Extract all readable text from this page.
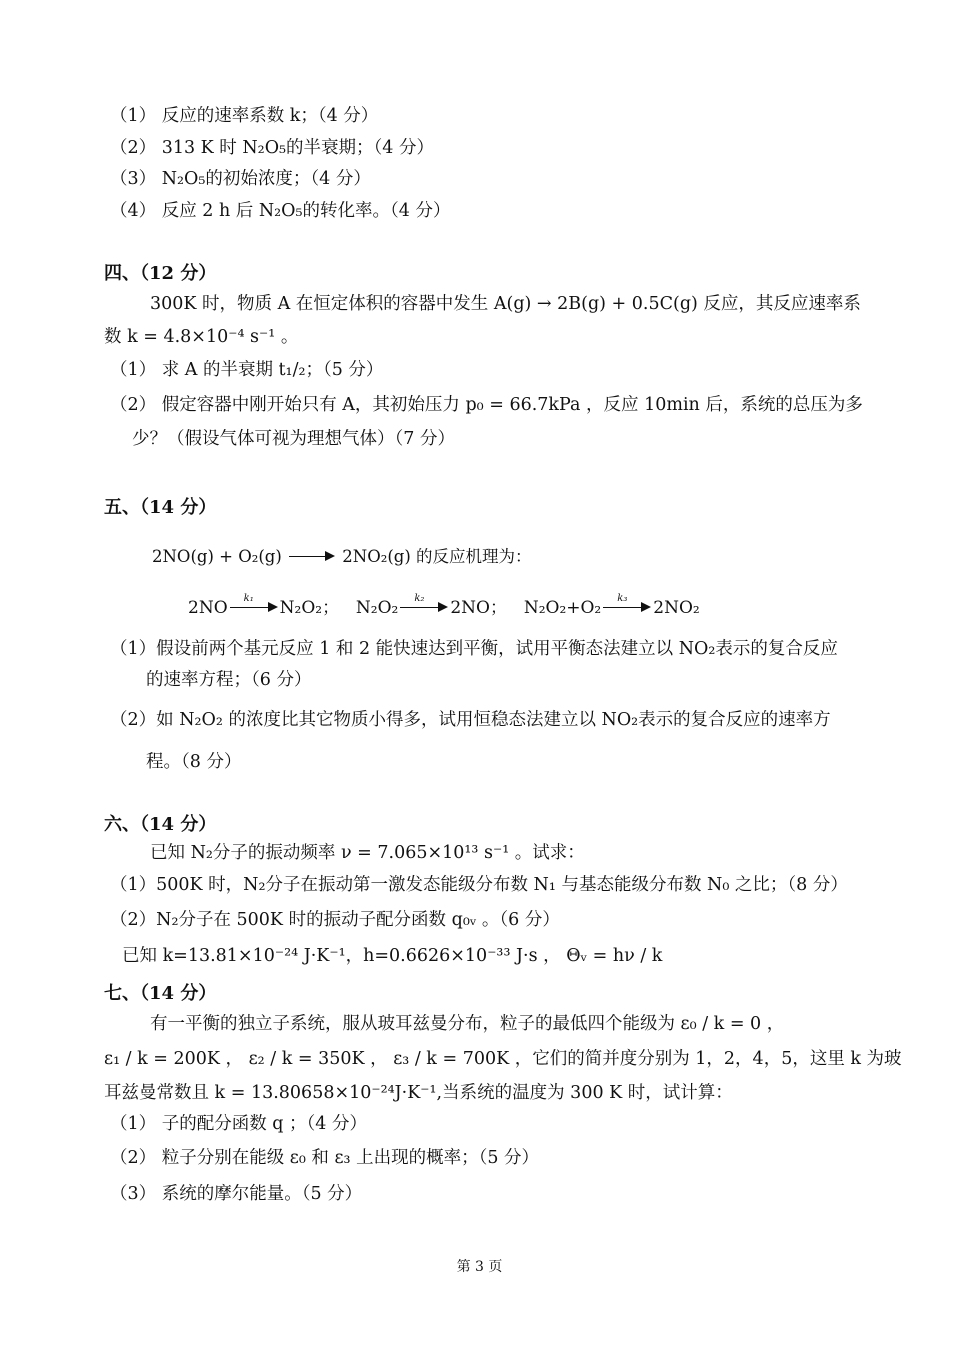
（1） 反应的速率系数 k；（4 分）
（2） 313 K 时 N₂O₅的半衰期；（4 分）
（3） N₂O₅的初始浓度；（4 分）
（4） 反应 2 h 后 N₂O₅的转化率。（4 分）
四、（12 分）
300K 时，物质 A 在恒定体积的容器中发生 A(g) → 2B(g) + 0.5C(g) 反应，其反应速率系
数 k = 4.8×10⁻⁴ s⁻¹ 。
（1） 求 A 的半衰期 t₁/₂；（5 分）
（2） 假定容器中刚开始只有 A，其初始压力 p₀ = 66.7kPa ，反应 10min 后，系统的总压为多
少？（假设气体可视为理想气体）（7 分）
五、（14 分）
2NO(g) + O₂(g)	2NO₂(g) 的反应机理为：
2NO k₁ N₂O₂； N₂O₂ k₂ 2NO； N₂O₂+O₂ k₃ 2NO₂
（1）假设前两个基元反应 1 和 2 能快速达到平衡，试用平衡态法建立以 NO₂表示的复合反应
的速率方程；（6 分）
（2）如 N₂O₂ 的浓度比其它物质小得多，试用恒稳态法建立以 NO₂表示的复合反应的速率方
程。（8 分）
六、（14 分）
已知 N₂分子的振动频率 ν = 7.065×10¹³ s⁻¹ 。试求：
（1）500K 时，N₂分子在振动第一激发态能级分布数 N₁ 与基态能级分布数 N₀ 之比；（8 分）
（2）N₂分子在 500K 时的振动子配分函数 q₀ᵥ 。（6 分）
已知 k=13.81×10⁻²⁴ J·K⁻¹，h=0.6626×10⁻³³ J·s ， Θᵥ = hν / k
七、（14 分）
有一平衡的独立子系统，服从玻耳兹曼分布，粒子的最低四个能级为 ε₀ / k = 0 ，
ε₁ / k = 200K ， ε₂ / k = 350K ， ε₃ / k = 700K ，它们的简并度分别为 1，2，4，5，这里 k 为玻
耳兹曼常数且 k = 13.80658×10⁻²⁴J·K⁻¹,当系统的温度为 300 K 时，试计算：
（1） 子的配分函数 q ；（4 分）
（2） 粒子分别在能级 ε₀ 和 ε₃ 上出现的概率；（5 分）
（3） 系统的摩尔能量。（5 分）
第 3 页
